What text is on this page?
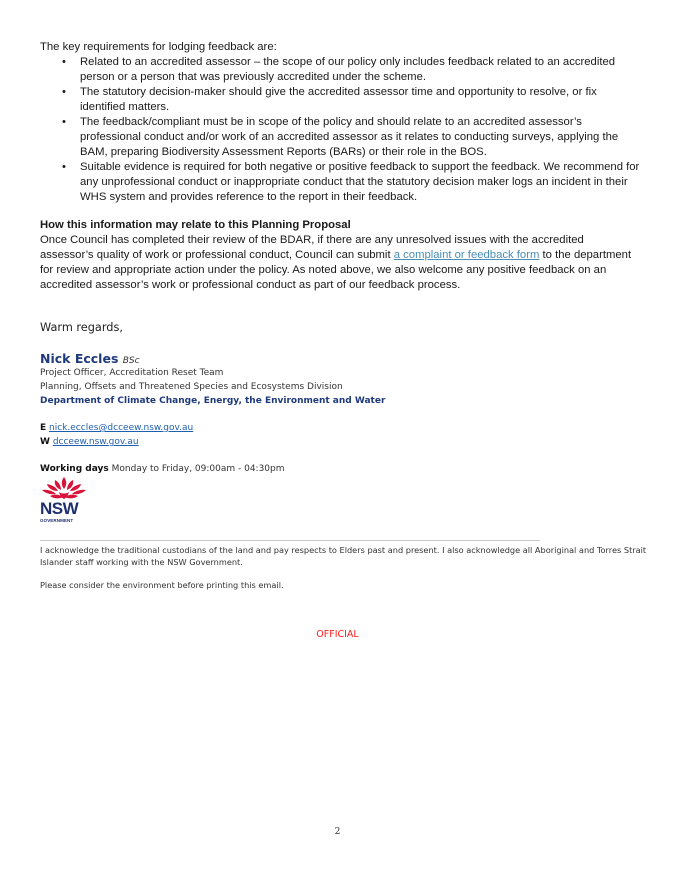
The key requirements for lodging feedback are:
• Related to an accredited assessor – the scope of our policy only includes feedback related to an accredited person or a person that was previously accredited under the scheme.
• The statutory decision-maker should give the accredited assessor time and opportunity to resolve, or fix identified matters.
• The feedback/compliant must be in scope of the policy and should relate to an accredited assessor’s professional conduct and/or work of an accredited assessor as it relates to conducting surveys, applying the BAM, preparing Biodiversity Assessment Reports (BARs) or their role in the BOS.
• Suitable evidence is required for both negative or positive feedback to support the feedback. We recommend for any unprofessional conduct or inappropriate conduct that the statutory decision maker logs an incident in their WHS system and provides reference to the report in their feedback.
How this information may relate to this Planning Proposal
Once Council has completed their review of the BDAR, if there are any unresolved issues with the accredited assessor’s quality of work or professional conduct, Council can submit a complaint or feedback form to the department for review and appropriate action under the policy. As noted above, we also welcome any positive feedback on an accredited assessor’s work or professional conduct as part of our feedback process.
Warm regards,
Nick Eccles BSc
Project Officer, Accreditation Reset Team
Planning, Offsets and Threatened Species and Ecosystems Division
Department of Climate Change, Energy, the Environment and Water
E nick.eccles@dcceew.nsw.gov.au
W dcceew.nsw.gov.au
Working days Monday to Friday, 09:00am - 04:30pm
NSW
GOVERNMENT
I acknowledge the traditional custodians of the land and pay respects to Elders past and present. I also acknowledge all Aboriginal and Torres Strait Islander staff working with the NSW Government.
Please consider the environment before printing this email.
OFFICIAL
2
